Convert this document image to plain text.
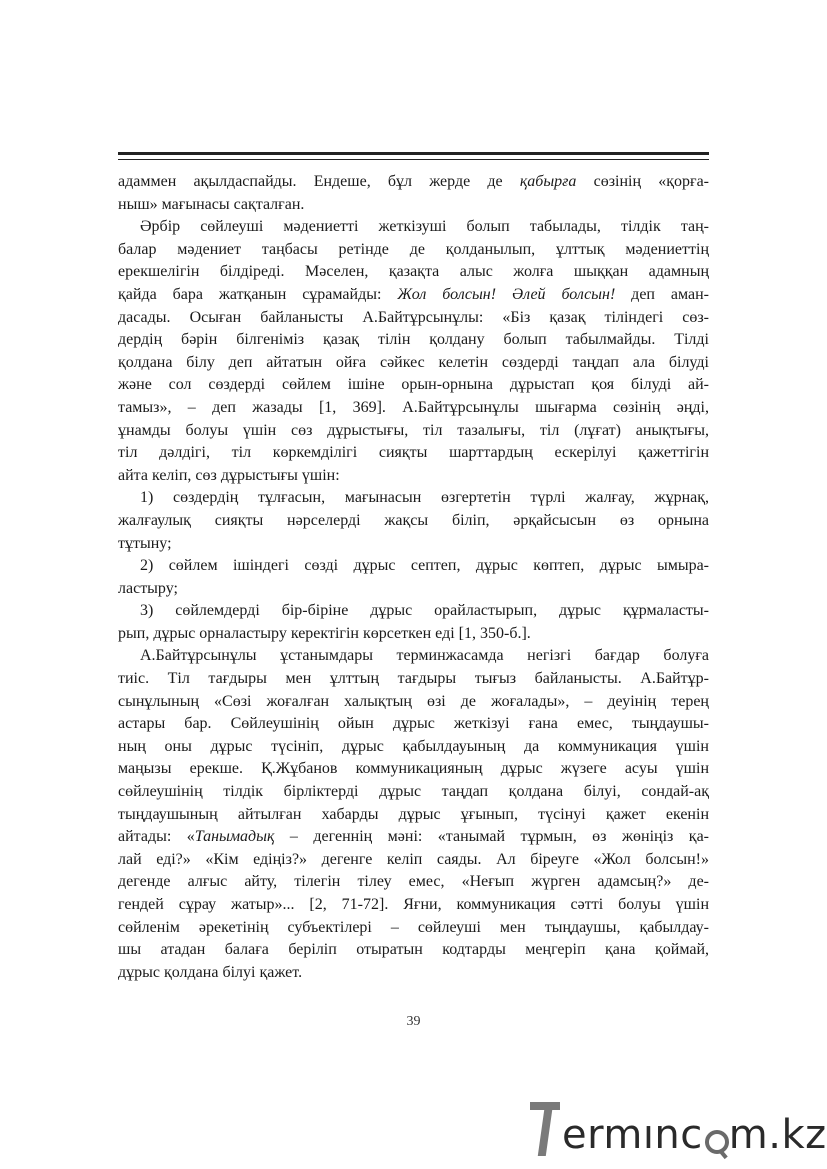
адаммен ақылдаспайды. Ендеше, бұл жерде де қабырға сөзінің «қорға-

ныш» мағынасы сақталған.

Әрбір сөйлеуші мәдениетті жеткізуші болып табылады, тілдік таң-

балар мәдениет таңбасы ретінде де қолданылып, ұлттық мәдениеттің

ерекшелігін білдіреді. Мәселен, қазақта алыс жолға шыққан адамның

қайда бара жатқанын сұрамайды: Жол болсын! Әлей болсын! деп аман-

дасады. Осыған байланысты А.Байтұрсынұлы: «Біз қазақ тіліндегі сөз-

дердің бәрін білгеніміз қазақ тілін қолдану болып табылмайды. Тілді

қолдана білу деп айтатын ойға сәйкес келетін сөздерді таңдап ала білуді

және сол сөздерді сөйлем ішіне орын-орнына дұрыстап қоя білуді ай-

тамыз», – деп жазады [1, 369]. А.Байтұрсынұлы шығарма сөзінің әңді,

ұнамды болуы үшін сөз дұрыстығы, тіл тазалығы, тіл (лұғат) анықтығы,

тіл дәлдігі, тіл көркемділігі сияқты шарттардың ескерілуі қажеттігін

айта келіп, сөз дұрыстығы үшін:

1) сөздердің тұлғасын, мағынасын өзгертетін түрлі жалғау, жұрнақ,

жалғаулық сияқты нәрселерді жақсы біліп, әрқайсысын өз орнына

тұтыну;

2) сөйлем ішіндегі сөзді дұрыс септеп, дұрыс көптеп, дұрыс ымыра-

ластыру;

3) сөйлемдерді бір-біріне дұрыс орайластырып, дұрыс құрмаласты-

рып, дұрыс орналастыру керектігін көрсеткен еді [1, 350-б.].

А.Байтұрсынұлы ұстанымдары терминжасамда негізгі бағдар болуға

тиіс. Тіл тағдыры мен ұлттың тағдыры тығыз байланысты. А.Байтұр-

сынұлының «Сөзі жоғалған халықтың өзі де жоғалады», – деуінің терең

астары бар. Сөйлеушінің ойын дұрыс жеткізуі ғана емес, тыңдаушы-

ның оны дұрыс түсініп, дұрыс қабылдауының да коммуникация үшін

маңызы ерекше. Қ.Жұбанов коммуникацияның дұрыс жүзеге асуы үшін

сөйлеушінің тілдік бірліктерді дұрыс таңдап қолдана білуі, сондай-ақ

тыңдаушының айтылған хабарды дұрыс ұғынып, түсінуі қажет екенін

айтады: «Танымадық – дегеннің мәні: «танымай тұрмын, өз жөніңіз қа-

лай еді?» «Кім едіңіз?» дегенге келіп саяды. Ал біреуге «Жол болсын!»

дегенде алғыс айту, тілегін тілеу емес, «Неғып жүрген адамсың?» де-

гендей сұрау жатыр»... [2, 71-72]. Яғни, коммуникация сәтті болуы үшін

сөйленім әрекетінің субъектілері – сөйлеуші мен тыңдаушы, қабылдау-

шы атадан балаға беріліп отыратын кодтарды меңгеріп қана қоймай,

дұрыс қолдана білуі қажет.

39
ermınc m.kz
